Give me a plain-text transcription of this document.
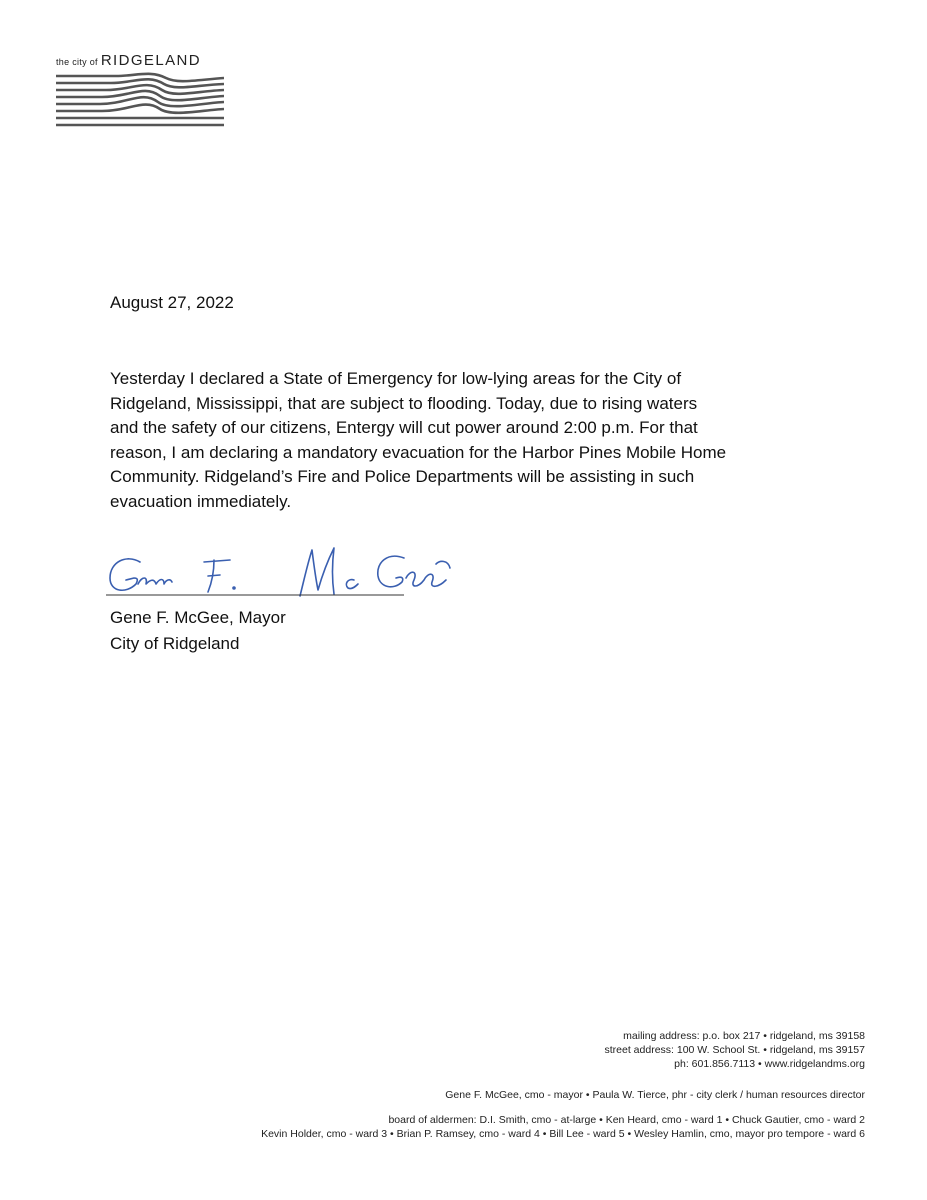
the city of RIDGELAND
August 27, 2022
Yesterday I declared a State of Emergency for low-lying areas for the City of
Ridgeland, Mississippi, that are subject to flooding. Today, due to rising waters
and the safety of our citizens, Entergy will cut power around 2:00 p.m. For that
reason, I am declaring a mandatory evacuation for the Harbor Pines Mobile Home
Community. Ridgeland’s Fire and Police Departments will be assisting in such
evacuation immediately.
Gene F. McGee, Mayor
City of Ridgeland
mailing address: p.o. box 217 • ridgeland, ms 39158
street address: 100 W. School St. • ridgeland, ms 39157
ph: 601.856.7113 • www.ridgelandms.org
Gene F. McGee, cmo - mayor • Paula W. Tierce, phr - city clerk / human resources director
board of aldermen: D.I. Smith, cmo - at-large • Ken Heard, cmo - ward 1 • Chuck Gautier, cmo - ward 2
Kevin Holder, cmo - ward 3 • Brian P. Ramsey, cmo - ward 4 • Bill Lee - ward 5 • Wesley Hamlin, cmo, mayor pro tempore - ward 6
